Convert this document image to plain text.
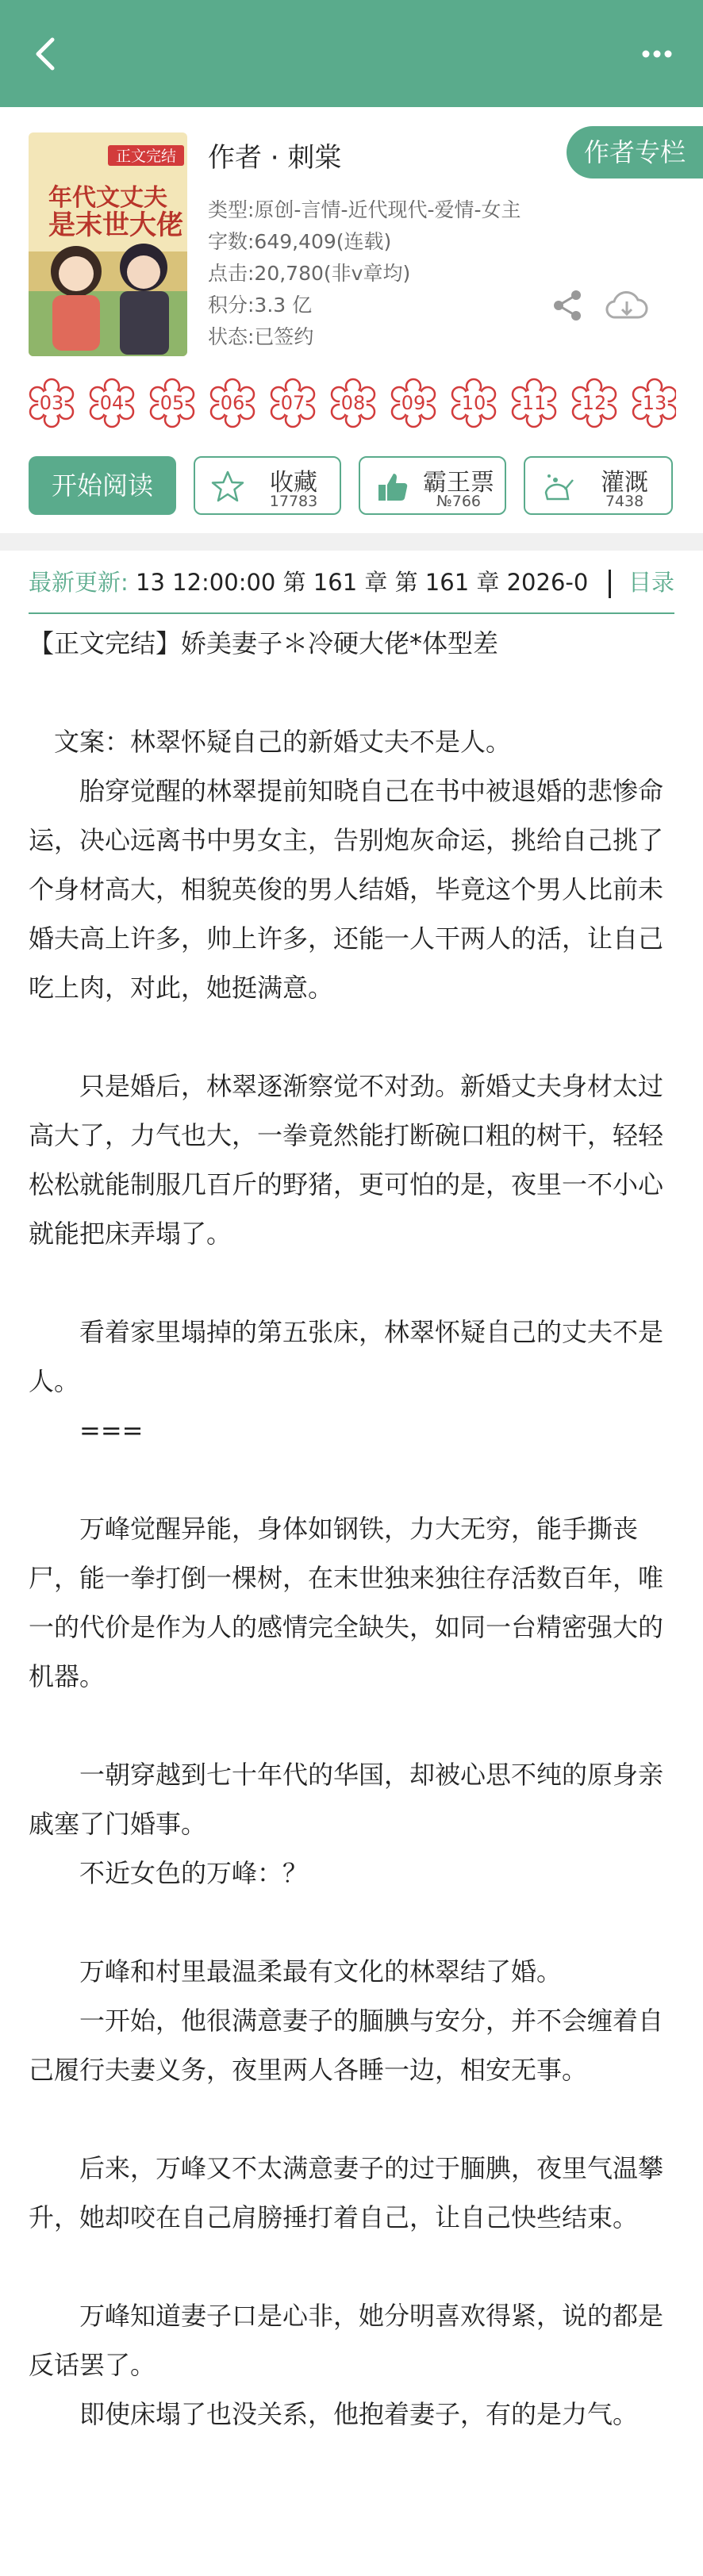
正文完结
年代文丈夫
是末世大佬
作者 · 刺棠	作者专栏
类型:原创-言情-近代现代-爱情-女主
字数:649,409(连载)
点击:20,780(非v章均)
积分:3.3 亿
状态:已签约
03	04	05	06	07	08	09	10	11	12	13
开始阅读	收藏
17783
霸王票
№766
灌溉
7438
最新更新: 13 12:00:00 第 161 章 第 161 章 2026-0	目录

【正文完结】娇美妻子＊冷硬大佬*体型差

　文案：林翠怀疑自己的新婚丈夫不是人。

　　胎穿觉醒的林翠提前知晓自己在书中被退婚的悲惨命运，决心远离书中男女主，告别炮灰命运，挑给自己挑了个身材高大，相貌英俊的男人结婚，毕竟这个男人比前未婚夫高上许多，帅上许多，还能一人干两人的活，让自己吃上肉，对此，她挺满意。

　　只是婚后，林翠逐渐察觉不对劲。新婚丈夫身材太过高大了，力气也大，一拳竟然能打断碗口粗的树干，轻轻松松就能制服几百斤的野猪，更可怕的是，夜里一不小心就能把床弄塌了。

　　看着家里塌掉的第五张床，林翠怀疑自己的丈夫不是人。

　　===

　　万峰觉醒异能，身体如钢铁，力大无穷，能手撕丧尸，能一拳打倒一棵树，在末世独来独往存活数百年，唯一的代价是作为人的感情完全缺失，如同一台精密强大的机器。

　　一朝穿越到七十年代的华国，却被心思不纯的原身亲戚塞了门婚事。

　　不近女色的万峰：？

　　万峰和村里最温柔最有文化的林翠结了婚。

　　一开始，他很满意妻子的腼腆与安分，并不会缠着自己履行夫妻义务，夜里两人各睡一边，相安无事。

　　后来，万峰又不太满意妻子的过于腼腆，夜里气温攀升，她却咬在自己肩膀捶打着自己，让自己快些结束。

　　万峰知道妻子口是心非，她分明喜欢得紧，说的都是反话罢了。

　　即使床塌了也没关系，他抱着妻子，有的是力气。
